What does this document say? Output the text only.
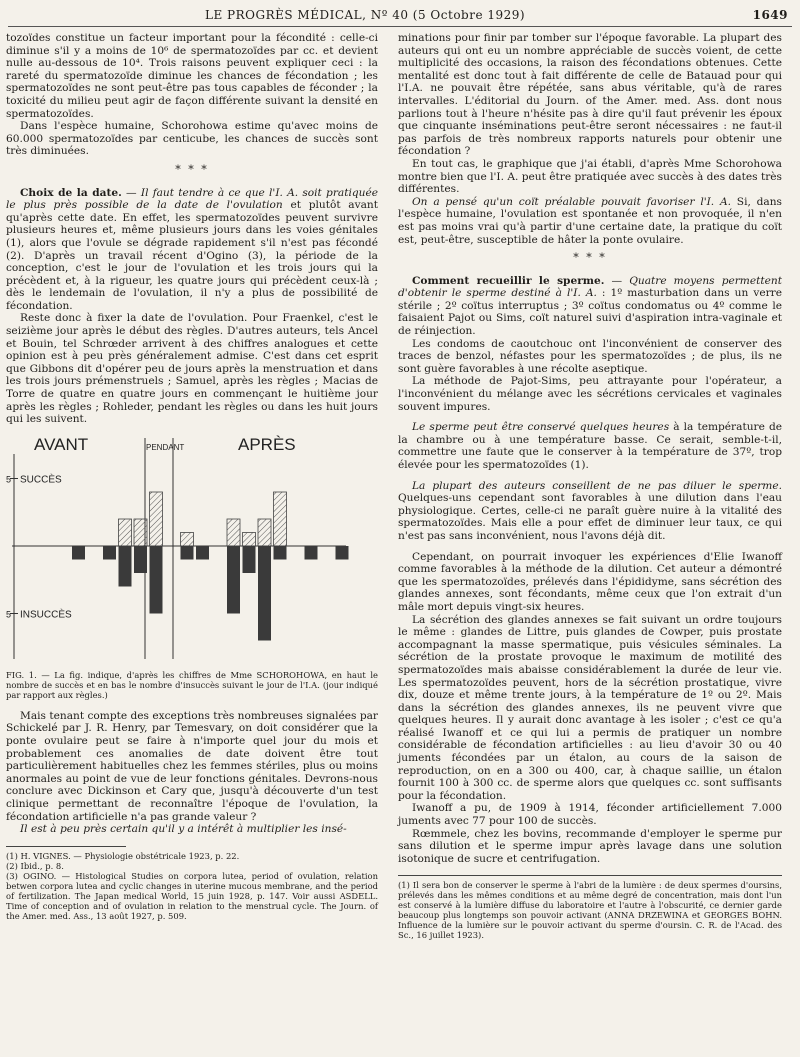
LE PROGRÈS MÉDICAL, Nº 40 (5 Octobre 1929)	1649

tozoïdes constitue un facteur important pour la fécondité : celle-ci diminue s'il y a moins de 10⁶ de spermatozoïdes par cc. et devient nulle au-dessous de 10⁴. Trois raisons peuvent expliquer ceci : la rareté du spermatozoïde diminue les chances de fécondation ; les spermatozoïdes ne sont peut-être pas tous capables de féconder ; la toxicité du milieu peut agir de façon différente suivant la densité en spermatozoïdes.

Dans l'espèce humaine, Schorohowa estime qu'avec moins de 60.000 spermatozoïdes par centicube, les chances de succès sont très diminuées.

* * *

Choix de la date. — Il faut tendre à ce que l'I. A. soit pratiquée le plus près possible de la date de l'ovulation et plutôt avant qu'après cette date. En effet, les spermatozoïdes peuvent survivre plusieurs heures et, même plusieurs jours dans les voies génitales (1), alors que l'ovule se dégrade rapidement s'il n'est pas fécondé (2). D'après un travail récent d'Ogino (3), la période de la conception, c'est le jour de l'ovulation et les trois jours qui la précèdent et, à la rigueur, les quatre jours qui précèdent ceux-là ; dès le lendemain de l'ovulation, il n'y a plus de possibilité de fécondation.

Reste donc à fixer la date de l'ovulation. Pour Fraenkel, c'est le seizième jour après le début des règles. D'autres auteurs, tels Ancel et Bouin, tel Schrœder arrivent à des chiffres analogues et cette opinion est à peu près généralement admise. C'est dans cet esprit que Gibbons dit d'opérer peu de jours après la menstruation et dans les trois jours prémenstruels ; Samuel, après les règles ; Macias de Torre de quatre en quatre jours en commençant le huitième jour après les règles ; Rohleder, pendant les règles ou dans les huit jours qui les suivent.

5
5
SUCCÈS
INSUCCÈS
AVANT	PENDANT	APRÈS
FIG. 1. — La fig. indique, d'après les chiffres de Mme SCHOROHOWA, en haut le nombre de succès et en bas le nombre d'insuccès suivant le jour de l'I.A. (jour indiqué par rapport aux règles.)

Mais tenant compte des exceptions très nombreuses signalées par Schickelé par J. R. Henry, par Temesvary, on doit considérer que la ponte ovulaire peut se faire à n'importe quel jour du mois et probablement ces anomalies de date doivent être tout particulièrement habituelles chez les femmes stériles, plus ou moins anormales au point de vue de leur fonctions génitales. Devrons-nous conclure avec Dickinson et Cary que, jusqu'à découverte d'un test clinique permettant de reconnaître l'époque de l'ovulation, la fécondation artificielle n'a pas grande valeur ?

Il est à peu près certain qu'il y a intérêt à multiplier les insé-

(1) H. VIGNES. — Physiologie obstétricale 1923, p. 22.

(2) Ibid., p. 8.

(3) OGINO. — Histological Studies on corpora lutea, period of ovulation, relation betwen corpora lutea and cyclic changes in uterine mucous membrane, and the period of fertilization. The Japan medical World, 15 juin 1928, p. 147. Voir aussi ASDELL. Time of conception and of ovulation in relation to the menstrual cycle. The Journ. of the Amer. med. Ass., 13 août 1927, p. 509.

minations pour finir par tomber sur l'époque favorable. La plupart des auteurs qui ont eu un nombre appréciable de succès voient, de cette multiplicité des occasions, la raison des fécondations obtenues. Cette mentalité est donc tout à fait différente de celle de Batauad pour qui l'I.A. ne pouvait être répétée, sans abus véritable, qu'à de rares intervalles. L'éditorial du Journ. of the Amer. med. Ass. dont nous parlions tout à l'heure n'hésite pas à dire qu'il faut prévenir les époux que cinquante inséminations peut-être seront nécessaires : ne faut-il pas parfois de très nombreux rapports naturels pour obtenir une fécondation ?

En tout cas, le graphique que j'ai établi, d'après Mme Schorohowa montre bien que l'I. A. peut être pratiquée avec succès à des dates très différentes.

On a pensé qu'un coït préalable pouvait favoriser l'I. A. Si, dans l'espèce humaine, l'ovulation est spontanée et non provoquée, il n'en est pas moins vrai qu'à partir d'une certaine date, la pratique du coït est, peut-être, susceptible de hâter la ponte ovulaire.

* * *

Comment recueillir le sperme. — Quatre moyens permettent d'obtenir le sperme destiné à l'I. A. : 1º masturbation dans un verre stérile ; 2º coïtus interruptus ; 3º coïtus condomatus ou 4º comme le faisaient Pajot ou Sims, coït naturel suivi d'aspiration intra-vaginale et de réinjection.

Les condoms de caoutchouc ont l'inconvénient de conserver des traces de benzol, néfastes pour les spermatozoïdes ; de plus, ils ne sont guère favorables à une récolte aseptique.

La méthode de Pajot-Sims, peu attrayante pour l'opérateur, a l'inconvénient du mélange avec les sécrétions cervicales et vaginales souvent impures.

Le sperme peut être conservé quelques heures à la température de la chambre ou à une température basse. Ce serait, semble-t-il, commettre une faute que le conserver à la température de 37º, trop élevée pour les spermatozoïdes (1).

La plupart des auteurs conseillent de ne pas diluer le sperme. Quelques-uns cependant sont favorables à une dilution dans l'eau physiologique. Certes, celle-ci ne paraît guère nuire à la vitalité des spermatozoïdes. Mais elle a pour effet de diminuer leur taux, ce qui n'est pas sans inconvénient, nous l'avons déjà dit.

Cependant, on pourrait invoquer les expériences d'Elie Iwanoff comme favorables à la méthode de la dilution. Cet auteur a démontré que les spermatozoïdes, prélevés dans l'épididyme, sans sécrétion des glandes annexes, sont fécondants, même ceux que l'on extrait d'un mâle mort depuis vingt-six heures.

La sécrétion des glandes annexes se fait suivant un ordre toujours le même : glandes de Littre, puis glandes de Cowper, puis prostate accompagnant la masse spermatique, puis vésicules séminales. La sécrétion de la prostate provoque le maximum de motilité des spermatozoïdes mais abaisse considérablement la durée de leur vie. Les spermatozoïdes peuvent, hors de la sécrétion prostatique, vivre dix, douze et même trente jours, à la température de 1º ou 2º. Mais dans la sécrétion des glandes annexes, ils ne peuvent vivre que quelques heures. Il y aurait donc avantage à les isoler ; c'est ce qu'a réalisé Iwanoff et ce qui lui a permis de pratiquer un nombre considérable de fécondation artificielles : au lieu d'avoir 30 ou 40 juments fécondées par un étalon, au cours de la saison de reproduction, on en a 300 ou 400, car, à chaque saillie, un étalon fournit 100 à 300 cc. de sperme alors que quelques cc. sont suffisants pour la fécondation.

Iwanoff a pu, de 1909 à 1914, féconder artificiellement 7.000 juments avec 77 pour 100 de succès.

Rœmmele, chez les bovins, recommande d'employer le sperme pur sans dilution et le sperme impur après lavage dans une solution isotonique de sucre et centrifugation.

(1) Il sera bon de conserver le sperme à l'abri de la lumière : de deux spermes d'oursins, prélevés dans les mêmes conditions et au même degré de concentration, mais dont l'un est conservé à la lumière diffuse du laboratoire et l'autre à l'obscurité, ce dernier garde beaucoup plus longtemps son pouvoir activant (ANNA DRZEWINA et GEORGES BOHN. Influence de la lumière sur le pouvoir activant du sperme d'oursin. C. R. de l'Acad. des Sc., 16 juillet 1923).
